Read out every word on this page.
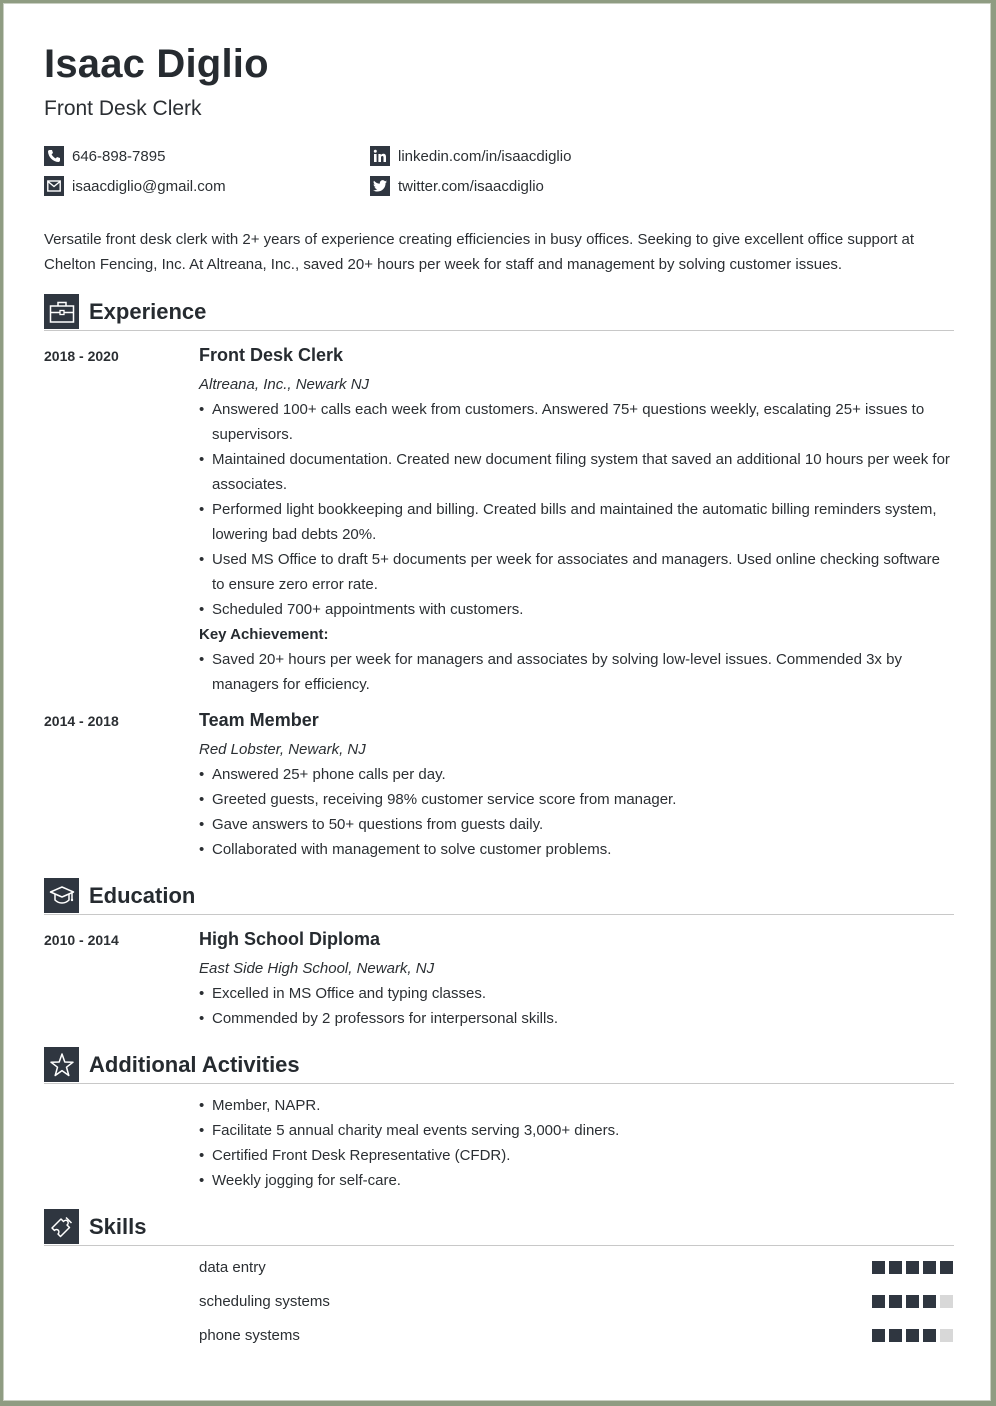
Isaac Diglio
Front Desk Clerk
646-898-7895
isaacdiglio@gmail.com
linkedin.com/in/isaacdiglio
twitter.com/isaacdiglio
Versatile front desk clerk with 2+ years of experience creating efficiencies in busy offices. Seeking to give excellent office support at Chelton Fencing, Inc. At Altreana, Inc., saved 20+ hours per week for staff and management by solving customer issues.
Experience
2018 - 2020	Front Desk Clerk
Altreana, Inc., Newark NJ
• Answered 100+ calls each week from customers. Answered 75+ questions weekly, escalating 25+ issues to supervisors.
• Maintained documentation. Created new document filing system that saved an additional 10 hours per week for associates.
• Performed light bookkeeping and billing. Created bills and maintained the automatic billing reminders system, lowering bad debts 20%.
• Used MS Office to draft 5+ documents per week for associates and managers. Used online checking software to ensure zero error rate.
• Scheduled 700+ appointments with customers.
Key Achievement:
• Saved 20+ hours per week for managers and associates by solving low-level issues. Commended 3x by managers for efficiency.
2014 - 2018	Team Member
Red Lobster, Newark, NJ
• Answered 25+ phone calls per day.
• Greeted guests, receiving 98% customer service score from manager.
• Gave answers to 50+ questions from guests daily.
• Collaborated with management to solve customer problems.
Education
2010 - 2014	High School Diploma
East Side High School, Newark, NJ
• Excelled in MS Office and typing classes.
• Commended by 2 professors for interpersonal skills.
Additional Activities
• Member, NAPR.
• Facilitate 5 annual charity meal events serving 3,000+ diners.
• Certified Front Desk Representative (CFDR).
• Weekly jogging for self-care.
Skills
data entry
scheduling systems
phone systems
